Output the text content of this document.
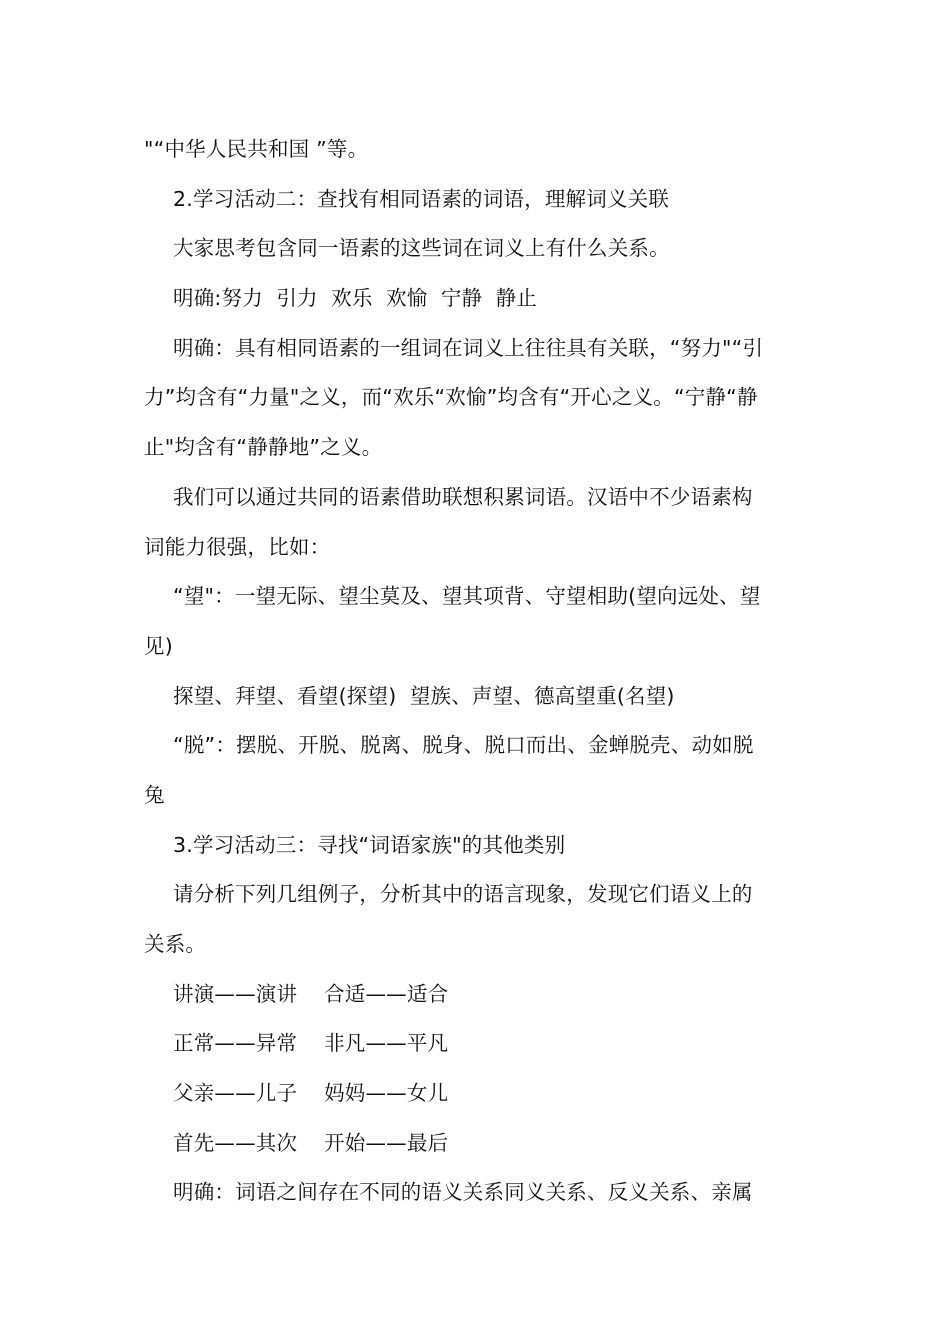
"“中华人民共和国 ”等。
2.学习活动二：查找有相同语素的词语，理解词义关联
大家思考包含同一语素的这些词在词义上有什么关系。
明确:努力  引力  欢乐  欢愉  宁静  静止
明确：具有相同语素的一组词在词义上往往具有关联，“努力"“引
力”均含有“力量"之义，而“欢乐“欢愉”均含有“开心之义。“宁静“静
止"均含有“静静地”之义。
我们可以通过共同的语素借助联想积累词语。汉语中不少语素构
词能力很强，比如：
“望"：一望无际、望尘莫及、望其项背、守望相助(望向远处、望
见)
探望、拜望、看望(探望)  望族、声望、德高望重(名望)
“脱”：摆脱、开脱、脱离、脱身、脱口而出、金蝉脱壳、动如脱
兔
3.学习活动三：寻找“词语家族"的其他类别
请分析下列几组例子，分析其中的语言现象，发现它们语义上的
关系。
讲演——演讲    合适——适合
正常——异常    非凡——平凡
父亲——儿子    妈妈——女儿
首先——其次    开始——最后
明确：词语之间存在不同的语义关系同义关系、反义关系、亲属
